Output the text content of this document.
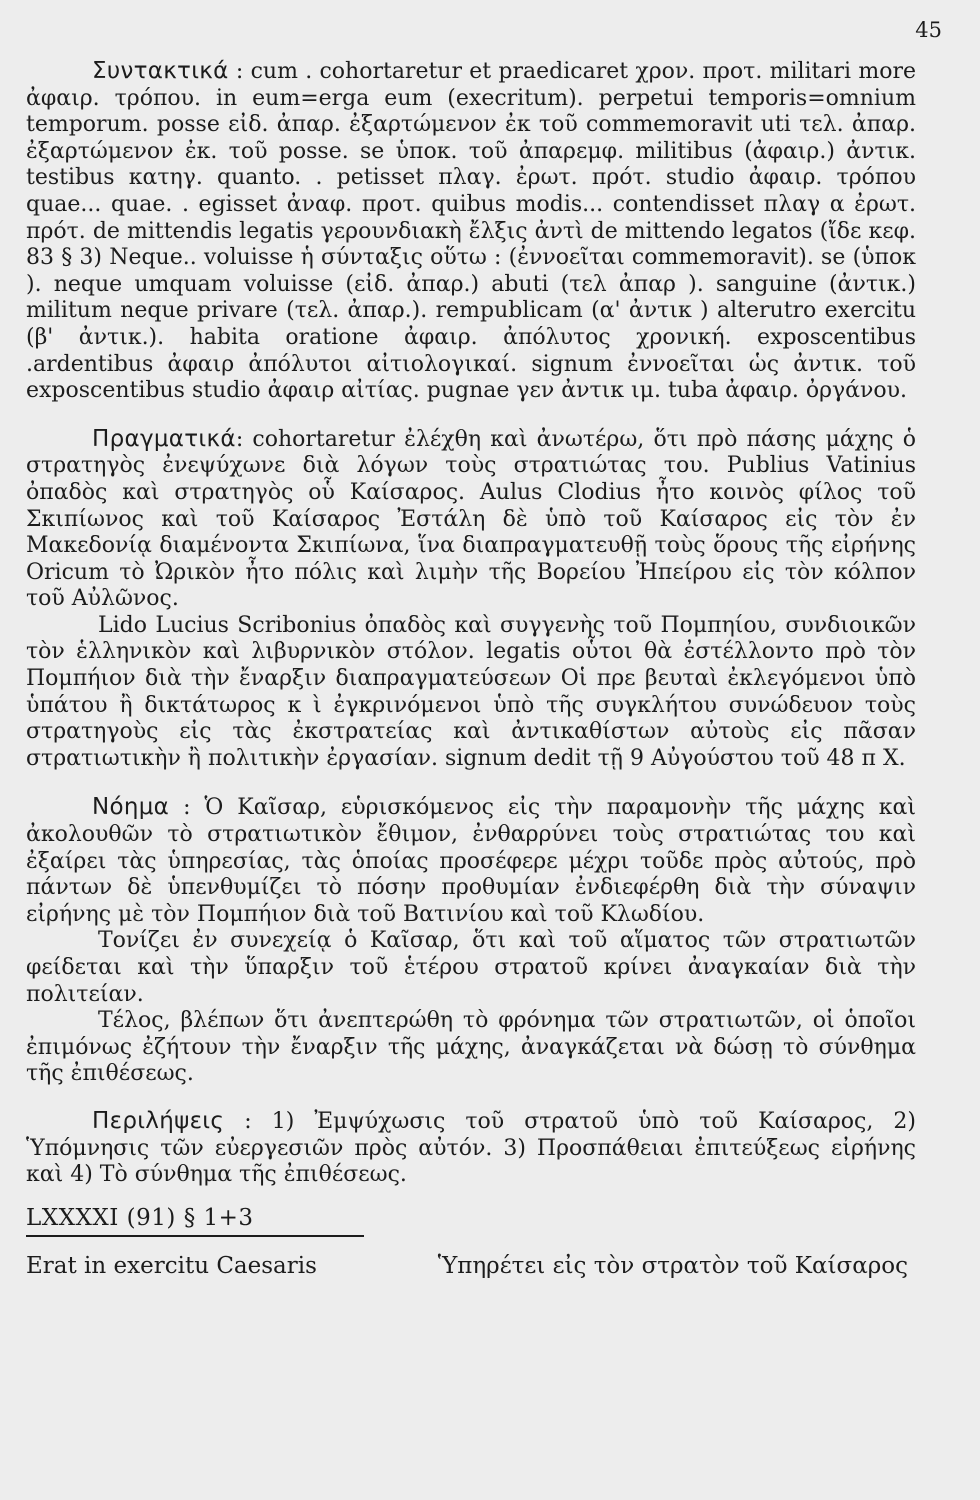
45

Συντακτικά : cum . cohortaretur et praedicaret χρον. προτ. militari more ἀφαιρ. τρόπου. in eum=erga eum (execritum). perpetui temporis=omnium temporum. posse εἰδ. ἀπαρ. ἐξαρτώμενον ἐκ τοῦ commemoravit uti τελ. ἀπαρ. ἐξαρτώμενον ἐκ. τοῦ posse. se ὑποκ. τοῦ ἀπαρεμφ. militibus (ἀφαιρ.) ἀντικ. testibus κατηγ. quanto. . petisset πλαγ. ἐρωτ. πρότ. studio ἀφαιρ. τρόπου quae... quae. . egisset ἀναφ. προτ. quibus modis... contendisset πλαγ α ἐρωτ. πρότ. de mittendis legatis γερουνδιακὴ ἔλξις ἀντὶ de mittendo legatos (ἴδε κεφ. 83 § 3) Neque.. voluisse ἡ σύνταξις οὕτω : (ἐννοεῖται commemoravit). se (ὑποκ ). neque umquam voluisse (εἰδ. ἀπαρ.) abuti (τελ ἀπαρ ). sanguine (ἀντικ.) militum neque privare (τελ. ἀπαρ.). rempublicam (α' ἀντικ ) alterutro exercitu (β' ἀντικ.). habita oratione ἀφαιρ. ἀπόλυτος χρονική. exposcentibus .ardentibus ἀφαιρ ἀπόλυτοι αἰτιολογικαί. signum ἐννοεῖται ὡς ἀντικ. τοῦ exposcentibus studio ἀφαιρ αἰτίας. pugnae γεν ἀντικ ιμ. tuba ἀφαιρ. ὀργάνου.

Πραγματικά: cohortaretur ἐλέχθη καὶ ἀνωτέρω, ὅτι πρὸ πάσης μάχης ὁ στρατηγὸς ἐνεψύχωνε διὰ λόγων τοὺς στρατιώτας του. Publius Vatinius ὀπαδὸς καὶ στρατηγὸς οὗ Καίσαρος. Aulus Clodius ἦτο κοινὸς φίλος τοῦ Σκιπίωνος καὶ τοῦ Καίσαρος Ἐστάλη δὲ ὑπὸ τοῦ Καίσαρος εἰς τὸν ἐν Μακεδονίᾳ διαμένοντα Σκιπίωνα, ἵνα διαπραγματευθῇ τοὺς ὅρους τῆς εἰρήνης Oricum τὸ Ὠρικὸν ἦτο πόλις καὶ λιμὴν τῆς Βορείου Ἠπείρου εἰς τὸν κόλπον τοῦ Αὐλῶνος.

Lido Lucius Scribonius ὀπαδὸς καὶ συγγενὴς τοῦ Πομπηίου, συνδιοικῶν τὸν ἑλληνικὸν καὶ λιβυρνικὸν στόλον. legatis οὗτοι θὰ ἐστέλλοντο πρὸ τὸν Πομπήιον διὰ τὴν ἔναρξιν διαπραγματεύσεων Οἱ πρε βευταὶ ἐκλεγόμενοι ὑπὸ ὑπάτου ἢ δικτάτωρος κ ὶ ἐγκρινόμενοι ὑπὸ τῆς συγκλήτου συνώδευον τοὺς στρατηγοὺς εἰς τὰς ἐκστρατείας καὶ ἀντικαθίστων αὐτοὺς εἰς πᾶσαν στρατιωτικὴν ἢ πολιτικὴν ἐργασίαν. signum dedit τῇ 9 Αὐγούστου τοῦ 48 π Χ.

Νόημα : Ὁ Καῖσαρ, εὑρισκόμενος εἰς τὴν παραμονὴν τῆς μάχης καὶ ἀκολουθῶν τὸ στρατιωτικὸν ἔθιμον, ἐνθαρρύνει τοὺς στρατιώτας του καὶ ἐξαίρει τὰς ὑπηρεσίας, τὰς ὁποίας προσέφερε μέχρι τοῦδε πρὸς αὐτούς, πρὸ πάντων δὲ ὑπενθυμίζει τὸ πόσην προθυμίαν ἐνδιεφέρθη διὰ τὴν σύναψιν εἰρήνης μὲ τὸν Πομπήιον διὰ τοῦ Βατινίου καὶ τοῦ Κλωδίου.

Τονίζει ἐν συνεχείᾳ ὁ Καῖσαρ, ὅτι καὶ τοῦ αἵματος τῶν στρατιωτῶν φείδεται καὶ τὴν ὕπαρξιν τοῦ ἑτέρου στρατοῦ κρίνει ἀναγκαίαν διὰ τὴν πολιτείαν.

Τέλος, βλέπων ὅτι ἀνεπτερώθη τὸ φρόνημα τῶν στρατιωτῶν, οἱ ὁποῖοι ἐπιμόνως ἐζήτουν τὴν ἔναρξιν τῆς μάχης, ἀναγκάζεται νὰ δώσῃ τὸ σύνθημα τῆς ἐπιθέσεως.

Περιλήψεις : 1) Ἐμψύχωσις τοῦ στρατοῦ ὑπὸ τοῦ Καίσαρος, 2) Ὑπόμνησις τῶν εὐεργεσιῶν πρὸς αὐτόν. 3) Προσπάθειαι ἐπιτεύξεως εἰρήνης καὶ 4) Τὸ σύνθημα τῆς ἐπιθέσεως.

LXXXXI (91) § 1+3
Erat in exercitu Caesaris	Ὑπηρέτει εἰς τὸν στρατὸν τοῦ Καίσαρος
